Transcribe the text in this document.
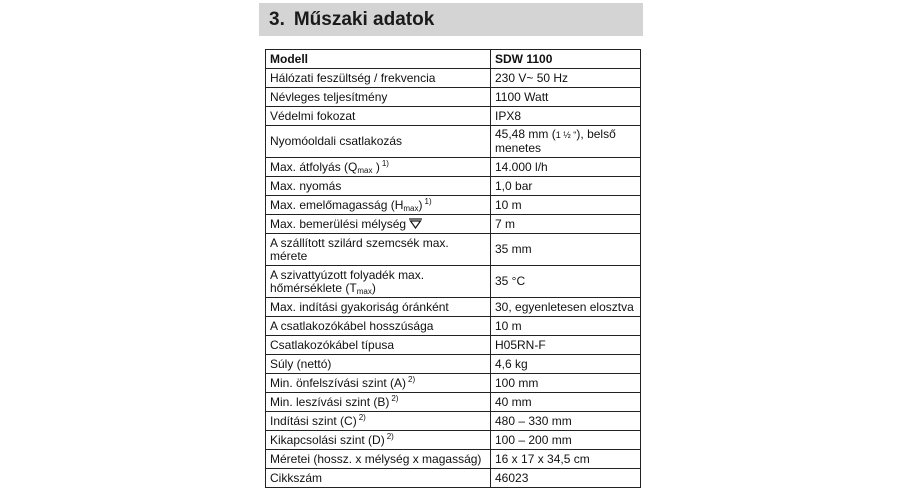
3. Műszaki adatok
Modell	SDW 1100
Hálózati feszültség / frekvencia	230 V~ 50 Hz
Névleges teljesítmény	1100 Watt
Védelmi fokozat	IPX8
Nyomóoldali csatlakozás	45,48 mm (1 ½ "), belső menetes
Max. átfolyás ($Q_{max}$ ) $^{1)}$	14.000 l/h
Max. nyomás	1,0 bar
Max. emelőmagasság $(H_{max})$ $^{1)}$	10 m
Max. bemerülési mélység	7 m
A szállított szilárd szemcsék max. mérete	35 mm
A szivattyúzott folyadék max. hőmérséklete $(T_{max})$	35 °C
Max. indítási gyakoriság óránként	30, egyenletesen elosztva
A csatlakozókábel hosszúsága	10 m
Csatlakozókábel típusa	H05RN-F
Súly (nettó)	4,6 kg
Min. önfelszívási szint (A) $^{2)}$	100 mm
Min. leszívási szint (B) $^{2)}$	40 mm
Indítási szint (C) $^{2)}$	480 – 330 mm
Kikapcsolási szint (D) $^{2)}$	100 – 200 mm
Méretei (hossz. x mélység x magasság)	16 x 17 x 34,5 cm
Cikkszám	46023
